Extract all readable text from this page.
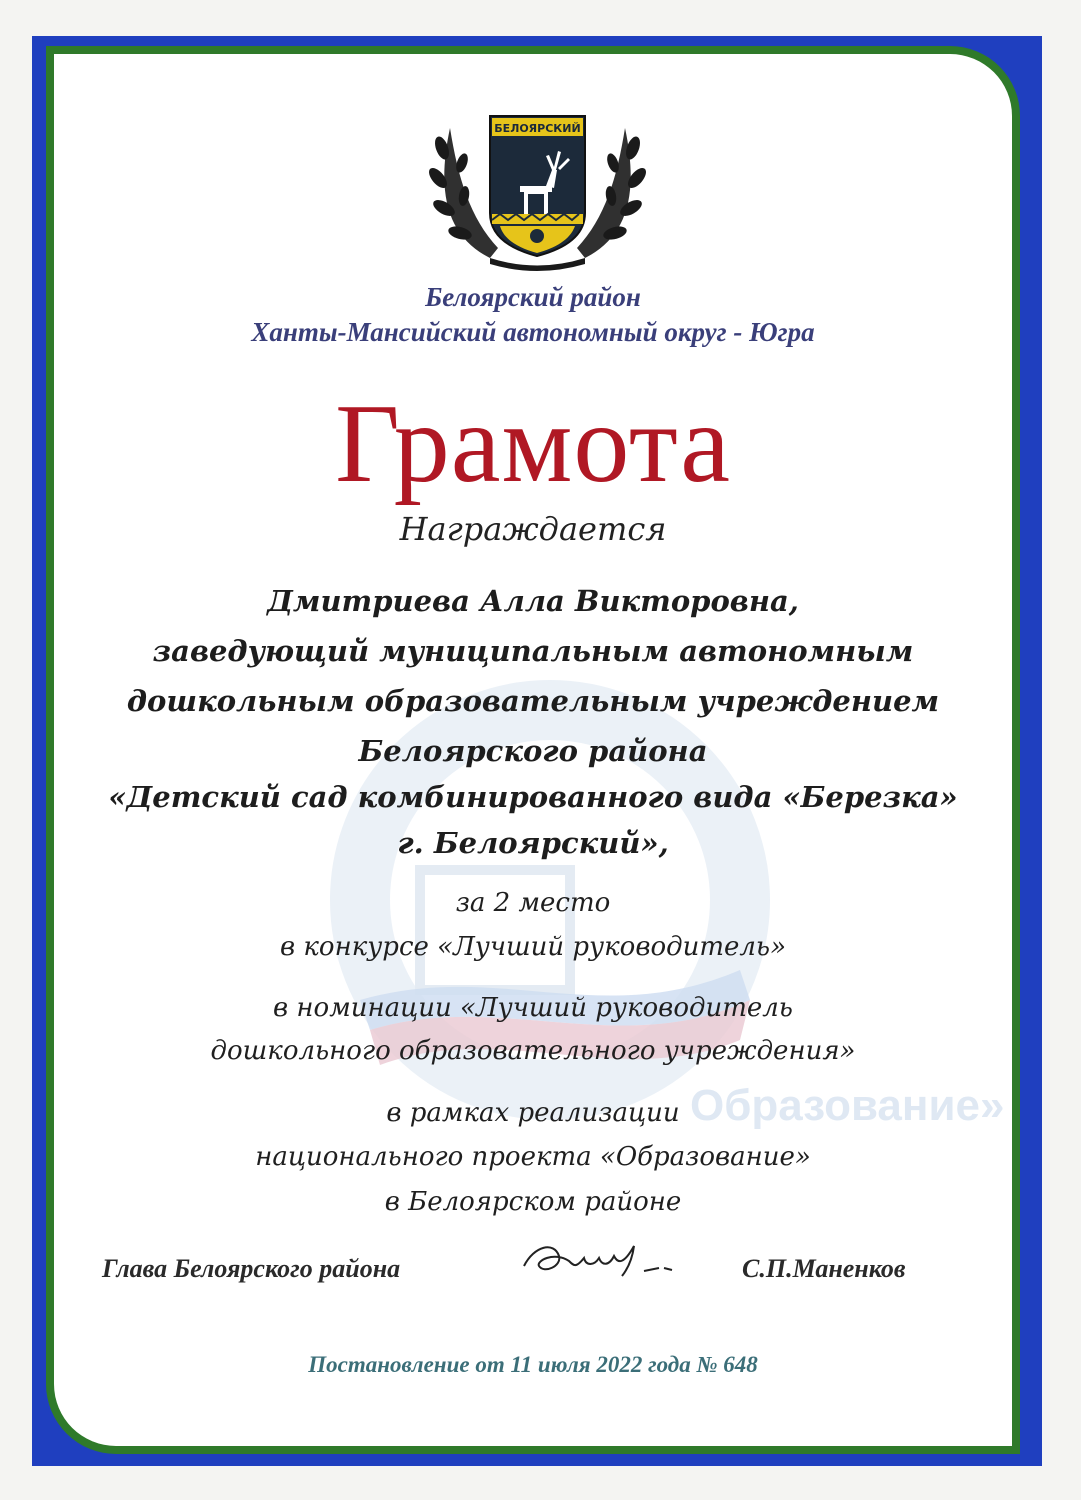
Образование»
БЕЛОЯРСКИЙ
Белоярский район
Ханты-Мансийский автономный округ - Югра
Грамота
Награждается
Дмитриева Алла Викторовна,
заведующий муниципальным автономным
дошкольным образовательным учреждением
Белоярского района
«Детский сад комбинированного вида «Березка»
г. Белоярский»,
за 2 место
в конкурсе «Лучший руководитель»
в номинации «Лучший руководитель
дошкольного образовательного учреждения»
в рамках реализации
национального проекта «Образование»
в Белоярском районе
Глава Белоярского района	С.П.Маненков
Постановление от 11 июля 2022 года № 648
